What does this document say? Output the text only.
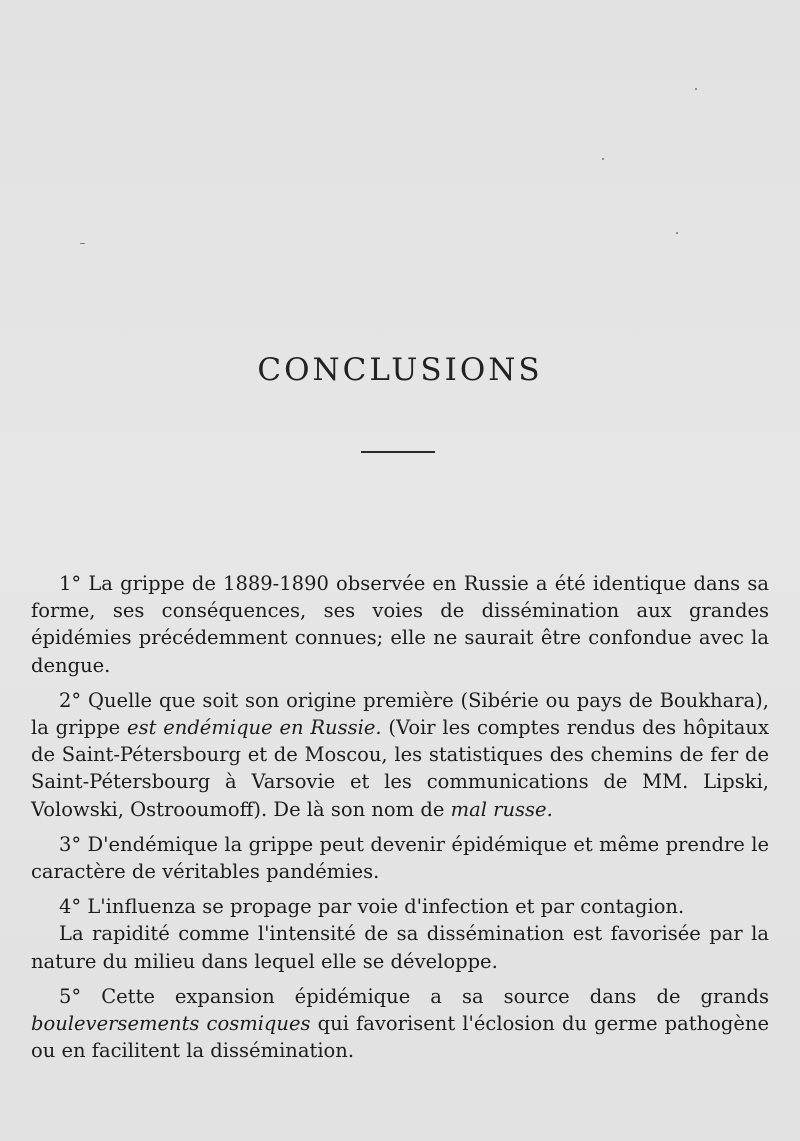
CONCLUSIONS

1° La grippe de 1889-1890 observée en Russie a été identique dans sa forme, ses conséquences, ses voies de dissémination aux grandes épidémies précédemment connues; elle ne saurait être confondue avec la dengue.

2° Quelle que soit son origine première (Sibérie ou pays de Boukhara), la grippe est endémique en Russie. (Voir les comptes rendus des hôpitaux de Saint-Pétersbourg et de Moscou, les statistiques des chemins de fer de Saint-Pétersbourg à Varsovie et les communications de MM. Lipski, Volowski, Ostrooumoff). De là son nom de mal russe.

3° D'endémique la grippe peut devenir épidémique et même prendre le caractère de véritables pandémies.

4° L'influenza se propage par voie d'infection et par contagion.

La rapidité comme l'intensité de sa dissémination est favorisée par la nature du milieu dans lequel elle se développe.

5° Cette expansion épidémique a sa source dans de grands bouleversements cosmiques qui favorisent l'éclosion du germe pathogène ou en facilitent la dissémination.
